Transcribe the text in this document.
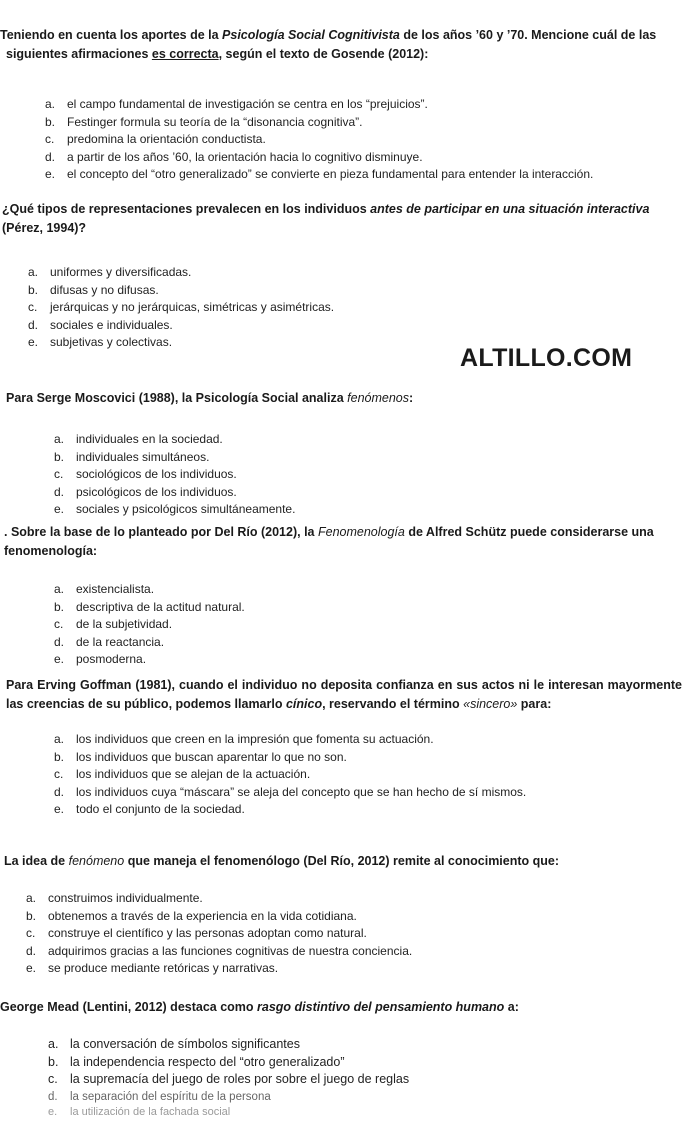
ALTILLO.COM
Teniendo en cuenta los aportes de la Psicología Social Cognitivista de los años ’60 y ’70. Mencione cuál de las siguientes afirmaciones es correcta, según el texto de Gosende (2012):
a. el campo fundamental de investigación se centra en los “prejuicios”.
b. Festinger formula su teoría de la “disonancia cognitiva”.
c.	predomina la orientación conductista.
d. a partir de los años ’60, la orientación hacia lo cognitivo disminuye.
e. el concepto del “otro generalizado” se convierte en pieza fundamental para entender la interacción.
¿Qué tipos de representaciones prevalecen en los individuos antes de participar en una situación interactiva (Pérez, 1994)?
a. uniformes y diversificadas.
b. difusas y no difusas.
c.	jerárquicas y no jerárquicas, simétricas y asimétricas.
d. sociales e individuales.
e. subjetivas y colectivas.
Para Serge Moscovici (1988), la Psicología Social analiza fenómenos:
a. individuales en la sociedad.
b. individuales simultáneos.
c.	sociológicos de los individuos.
d. psicológicos de los individuos.
e. sociales y psicológicos simultáneamente.
. Sobre la base de lo planteado por Del Río (2012), la Fenomenología de Alfred Schütz puede considerarse una fenomenología:
a. existencialista.
b. descriptiva de la actitud natural.
c.	de la subjetividad.
d. de la reactancia.
e. posmoderna.
Para Erving Goffman (1981), cuando el individuo no deposita confianza en sus actos ni le interesan mayormente las creencias de su público, podemos llamarlo cínico, reservando el término «sincero» para:
a. los individuos que creen en la impresión que fomenta su actuación.
b. los individuos que buscan aparentar lo que no son.
c.	los individuos que se alejan de la actuación.
d. los individuos cuya “máscara” se aleja del concepto que se han hecho de sí mismos.
e. todo el conjunto de la sociedad.
La idea de fenómeno que maneja el fenomenólogo (Del Río, 2012) remite al conocimiento que:
a. construimos individualmente.
b. obtenemos a través de la experiencia en la vida cotidiana.
c.	construye el científico y las personas adoptan como natural.
d. adquirimos gracias a las funciones cognitivas de nuestra conciencia.
e. se produce mediante retóricas y narrativas.
George Mead (Lentini, 2012) destaca como rasgo distintivo del pensamiento humano a:
a. la conversación de símbolos significantes
b. la independencia respecto del “otro generalizado”
c. la supremacía del juego de roles por sobre el juego de reglas
d.	la separación del espíritu de la persona
e.	la utilización de la fachada social
